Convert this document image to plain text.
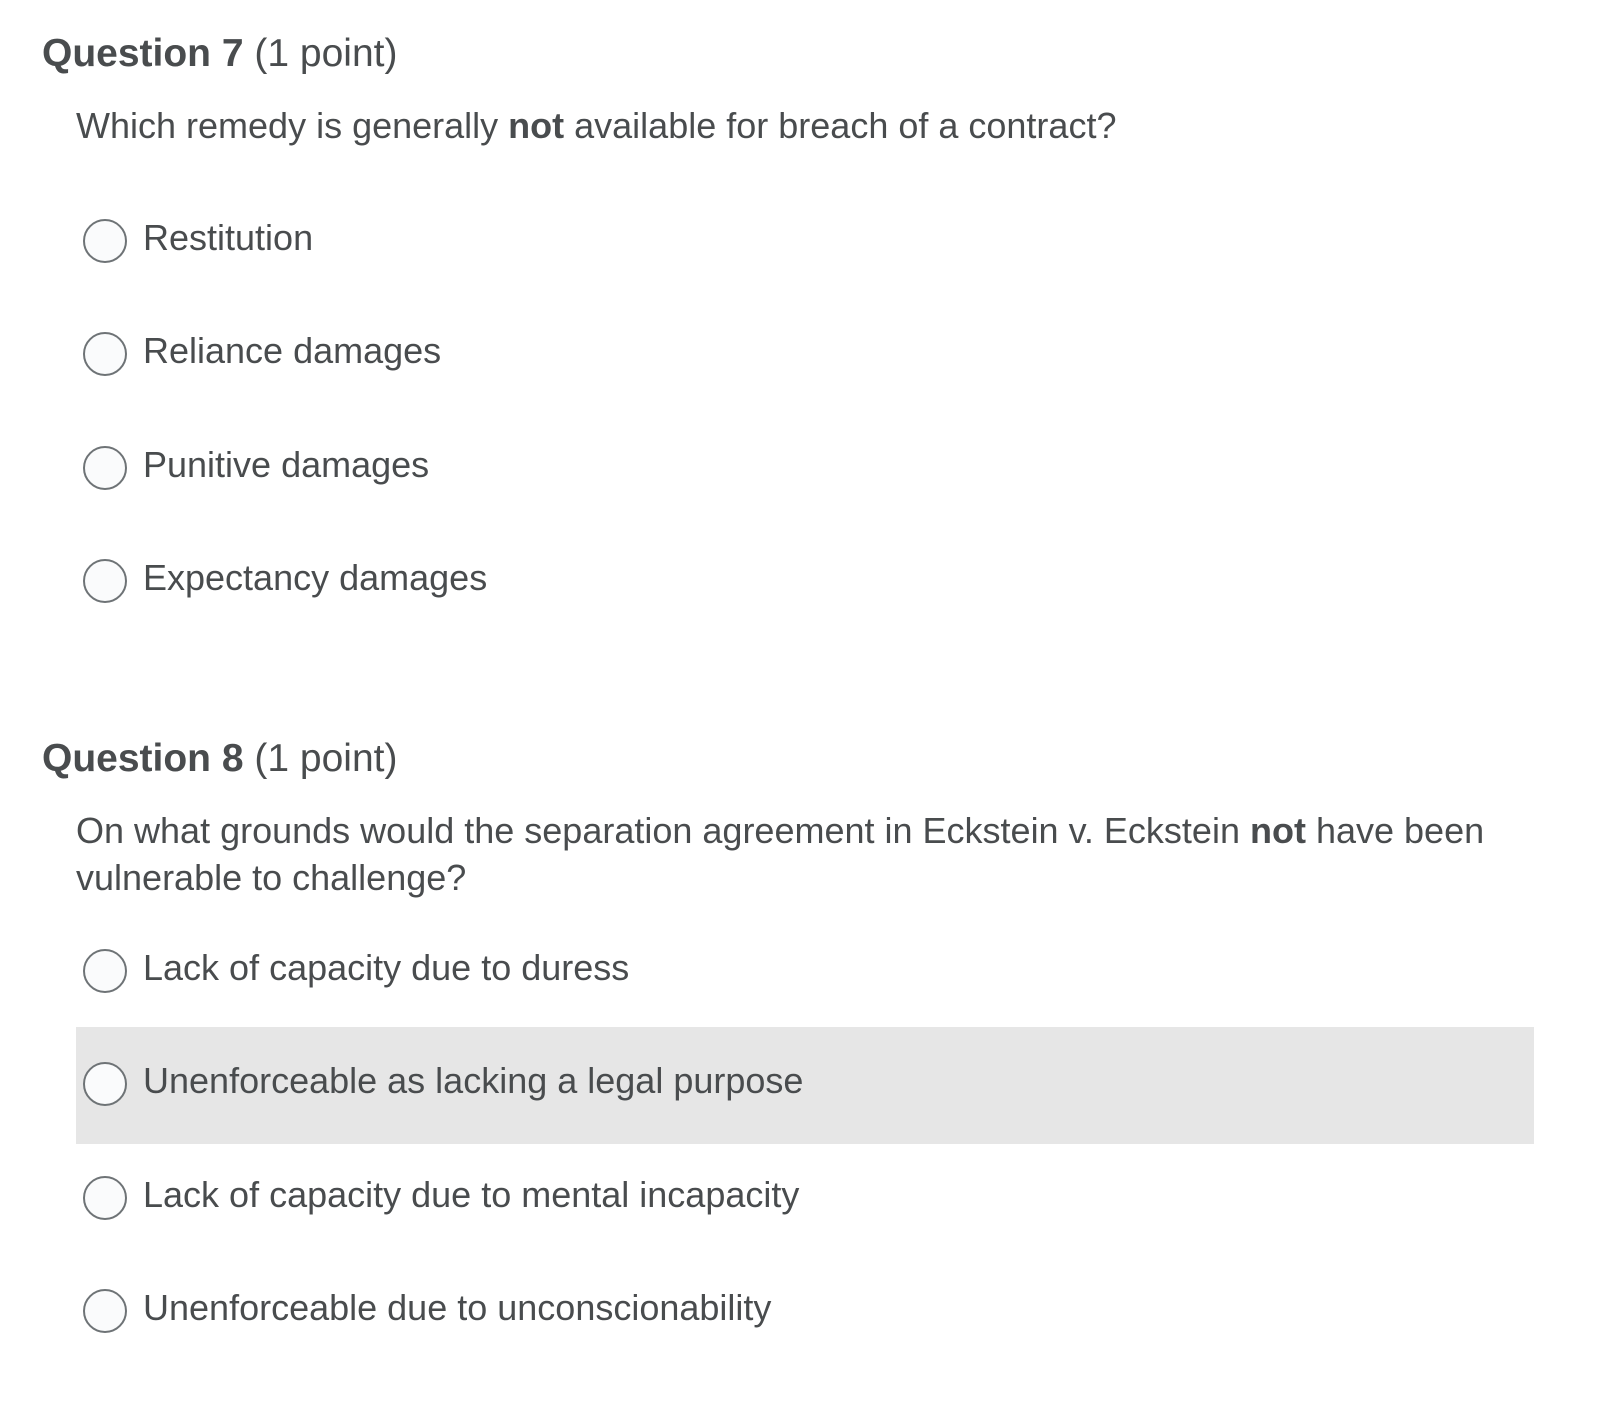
Question 7 (1 point)
Which remedy is generally not available for breach of a contract?
Restitution
Reliance damages
Punitive damages
Expectancy damages
Question 8 (1 point)
On what grounds would the separation agreement in Eckstein v. Eckstein not have been vulnerable to challenge?
Lack of capacity due to duress
Unenforceable as lacking a legal purpose
Lack of capacity due to mental incapacity
Unenforceable due to unconscionability
